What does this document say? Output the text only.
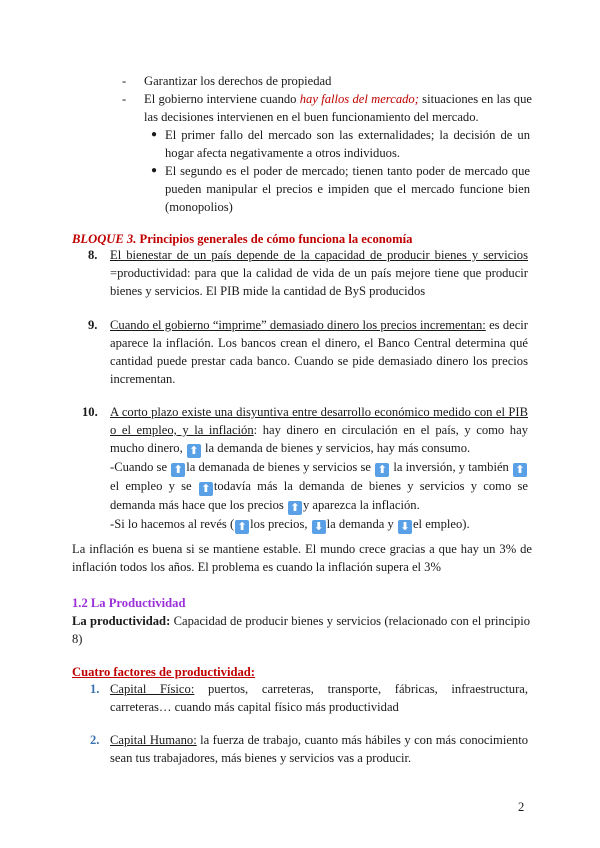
-	Garantizar los derechos de propiedad
-	El gobierno interviene cuando hay fallos del mercado; situaciones en las que las decisiones intervienen en el buen funcionamiento del mercado.
● El primer fallo del mercado son las externalidades; la decisión de un hogar afecta negativamente a otros individuos.
● El segundo es el poder de mercado; tienen tanto poder de mercado que pueden manipular el precios e impiden que el mercado funcione bien (monopolios)
BLOQUE 3. Principios generales de cómo funciona la economía
8. El bienestar de un país depende de la capacidad de producir bienes y servicios =productividad: para que la calidad de vida de un país mejore tiene que producir bienes y servicios. El PIB mide la cantidad de ByS producidos
9. Cuando el gobierno “imprime” demasiado dinero los precios incrementan: es decir aparece la inflación. Los bancos crean el dinero, el Banco Central determina qué cantidad puede prestar cada banco. Cuando se pide demasiado dinero los precios incrementan.
10. A corto plazo existe una disyuntiva entre desarrollo económico medido con el PIB o el empleo, y la inflación: hay dinero en circulación en el país, y como hay mucho dinero, ⬆ la demanda de bienes y servicios, hay más consumo.
-Cuando se ⬆ la demanada de bienes y servicios se ⬆ la inversión, y también ⬆el empleo y se ⬆ todavía más la demanda de bienes y servicios y como se demanda más hace que los precios ⬆ y aparezca la inflación.
-Si lo hacemos al revés ( ⬆ los precios, ⬇ la demanda y ⬇ el empleo).
La inflación es buena si se mantiene estable. El mundo crece gracias a que hay un 3% de inflación todos los años. El problema es cuando la inflación supera el 3%
1.2 La Productividad
La productividad: Capacidad de producir bienes y servicios (relacionado con el principio 8)
Cuatro factores de productividad:
1. Capital Físico: puertos, carreteras, transporte, fábricas, infraestructura, carreteras… cuando más capital físico más productividad
2. Capital Humano: la fuerza de trabajo, cuanto más hábiles y con más conocimiento sean tus trabajadores, más bienes y servicios vas a producir.
2
